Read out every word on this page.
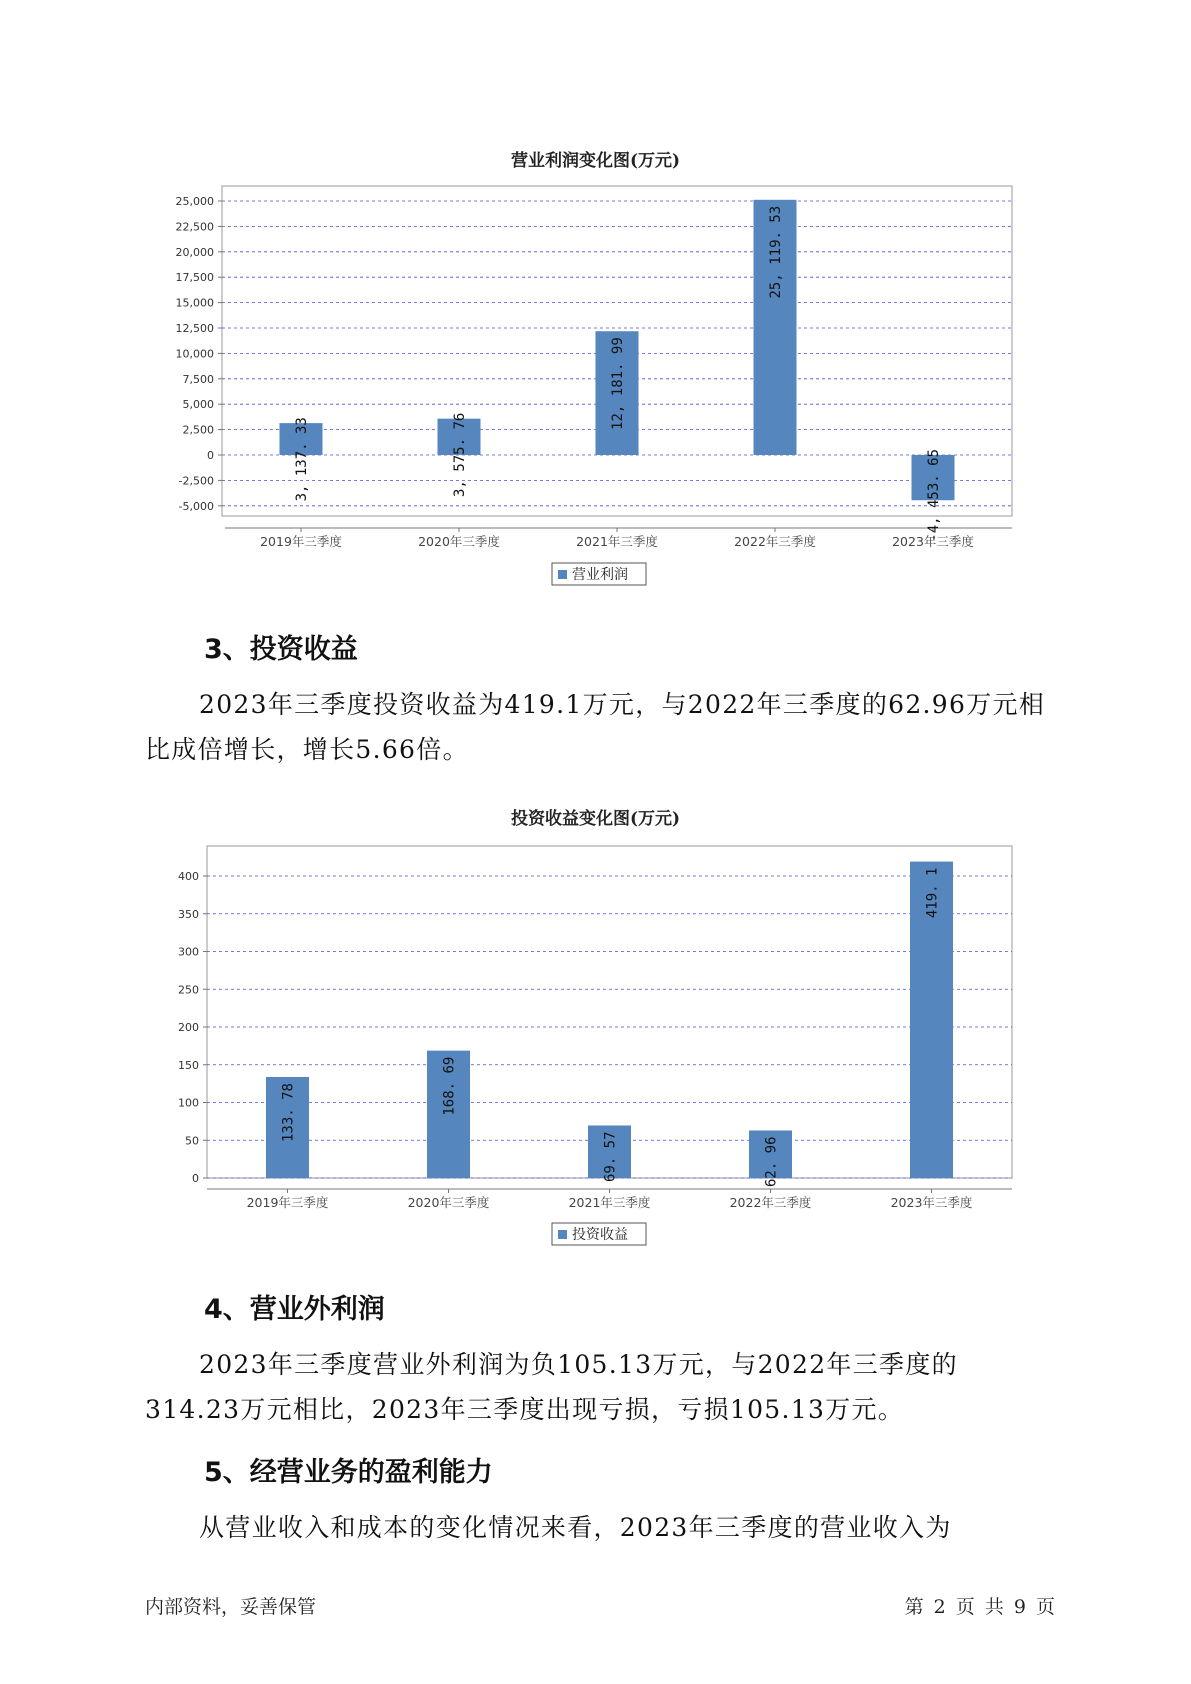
营业利润变化图(万元)
25,000
22,500
20,000
17,500
15,000
12,500
10,000
7,500
5,000
2,500
0
-2,500
-5,000
2019年三季度
3, 137. 33
2020年三季度
3, 575. 76
2021年三季度
12, 181. 99
2022年三季度
25, 119. 53
2023年三季度
-4, 453. 65
营业利润
3、投资收益
2023年三季度投资收益为419.1万元，与2022年三季度的62.96万元相比成倍增长，增长5.66倍。
投资收益变化图(万元)
400
350
300
250
200
150
100
50
0
2019年三季度
133. 78
2020年三季度
168. 69
2021年三季度
69. 57
2022年三季度
62. 96
2023年三季度
419. 1
投资收益
4、营业外利润
2023年三季度营业外利润为负105.13万元，与2022年三季度的314.23万元相比，2023年三季度出现亏损，亏损105.13万元。
5、经营业务的盈利能力
从营业收入和成本的变化情况来看，2023年三季度的营业收入为
内部资料，妥善保管	第 2 页 共 9 页
